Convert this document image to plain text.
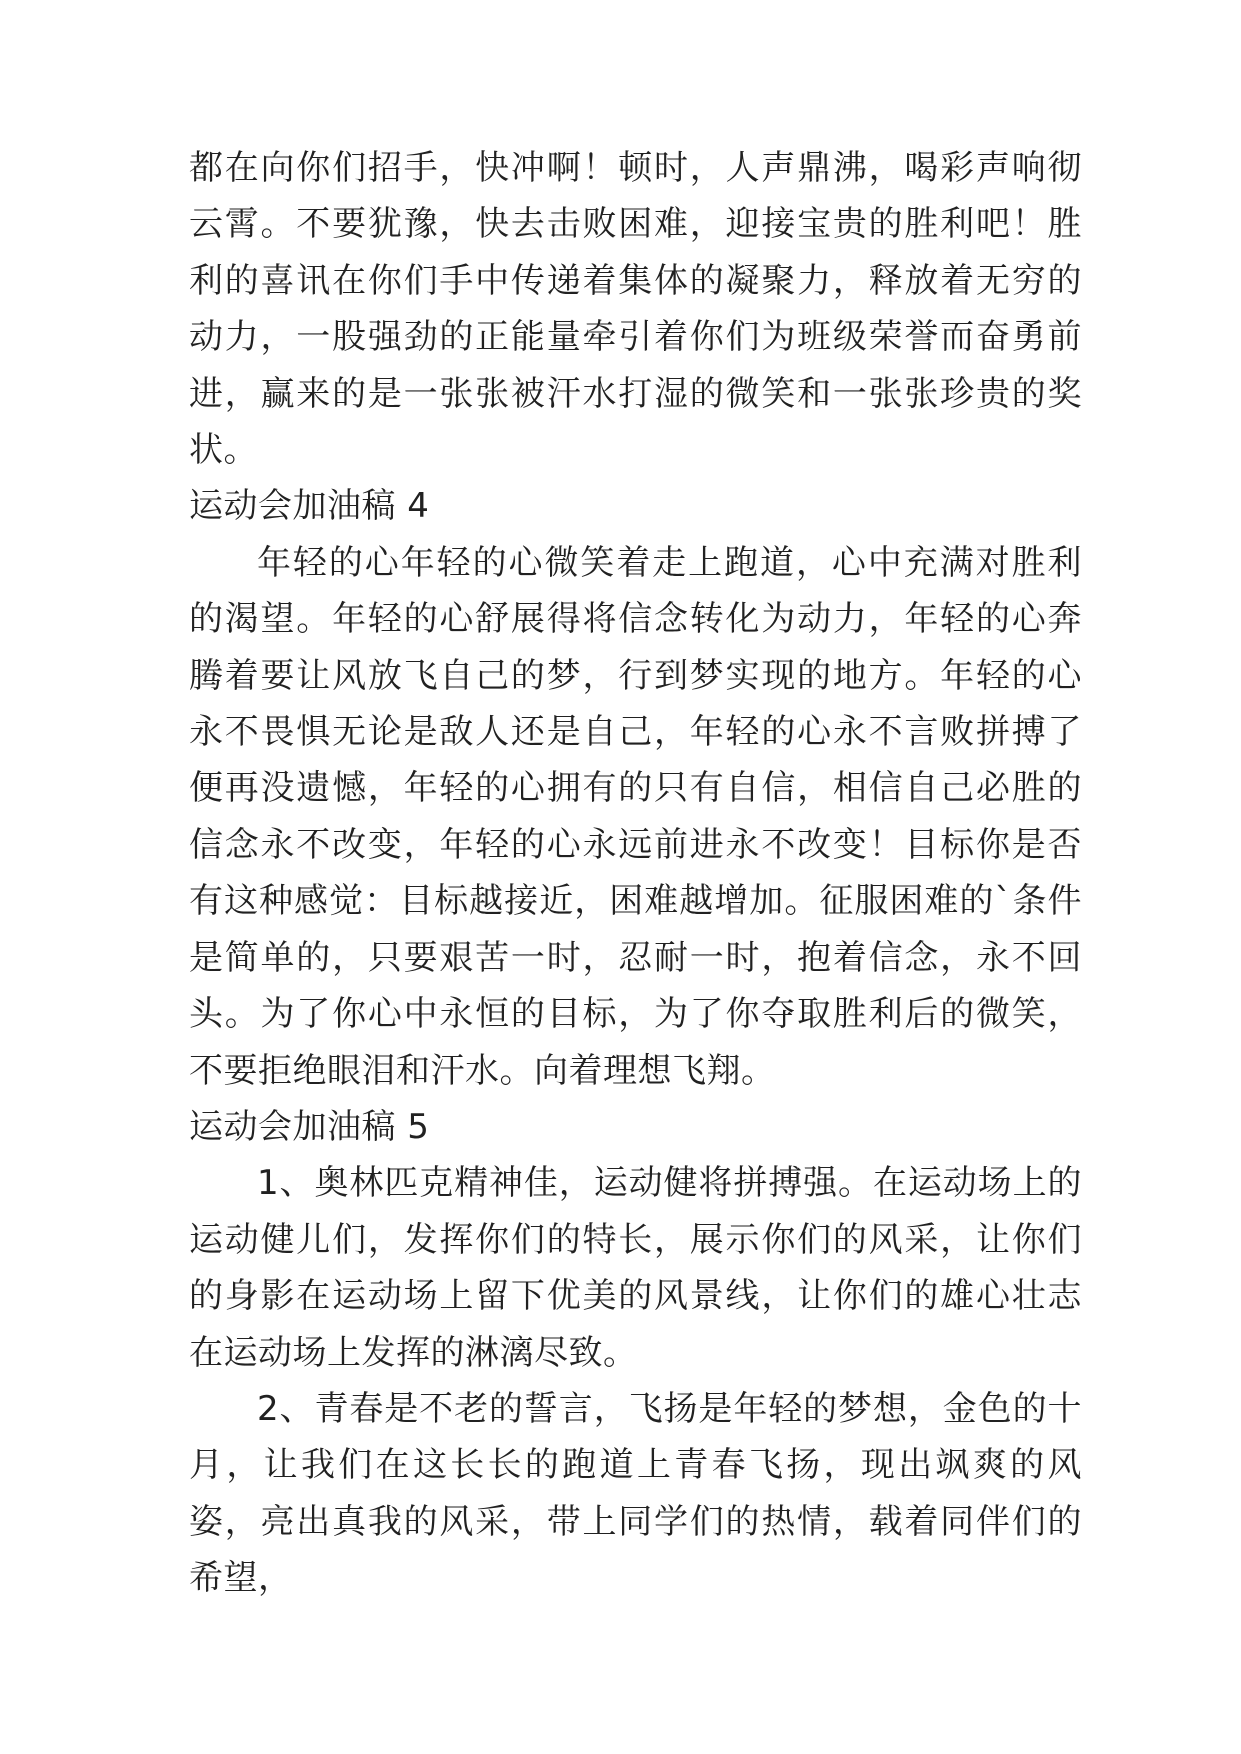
都在向你们招手，快冲啊！顿时，人声鼎沸，喝彩声响彻云霄。不要犹豫，快去击败困难，迎接宝贵的胜利吧！胜利的喜讯在你们手中传递着集体的凝聚力，释放着无穷的动力，一股强劲的正能量牵引着你们为班级荣誉而奋勇前进，赢来的是一张张被汗水打湿的微笑和一张张珍贵的奖状。

运动会加油稿 4

年轻的心年轻的心微笑着走上跑道，心中充满对胜利的渴望。年轻的心舒展得将信念转化为动力，年轻的心奔腾着要让风放飞自己的梦，行到梦实现的地方。年轻的心永不畏惧无论是敌人还是自己，年轻的心永不言败拼搏了便再没遗憾，年轻的心拥有的只有自信，相信自己必胜的信念永不改变，年轻的心永远前进永不改变！目标你是否有这种感觉：目标越接近，困难越增加。征服困难的`条件是简单的，只要艰苦一时，忍耐一时，抱着信念，永不回头。为了你心中永恒的目标，为了你夺取胜利后的微笑，不要拒绝眼泪和汗水。向着理想飞翔。

运动会加油稿 5

1、奥林匹克精神佳，运动健将拼搏强。在运动场上的运动健儿们，发挥你们的特长，展示你们的风采，让你们的身影在运动场上留下优美的风景线，让你们的雄心壮志在运动场上发挥的淋漓尽致。

2、青春是不老的誓言，飞扬是年轻的梦想，金色的十月，让我们在这长长的跑道上青春飞扬，现出飒爽的风姿，亮出真我的风采，带上同学们的热情，载着同伴们的希望，
